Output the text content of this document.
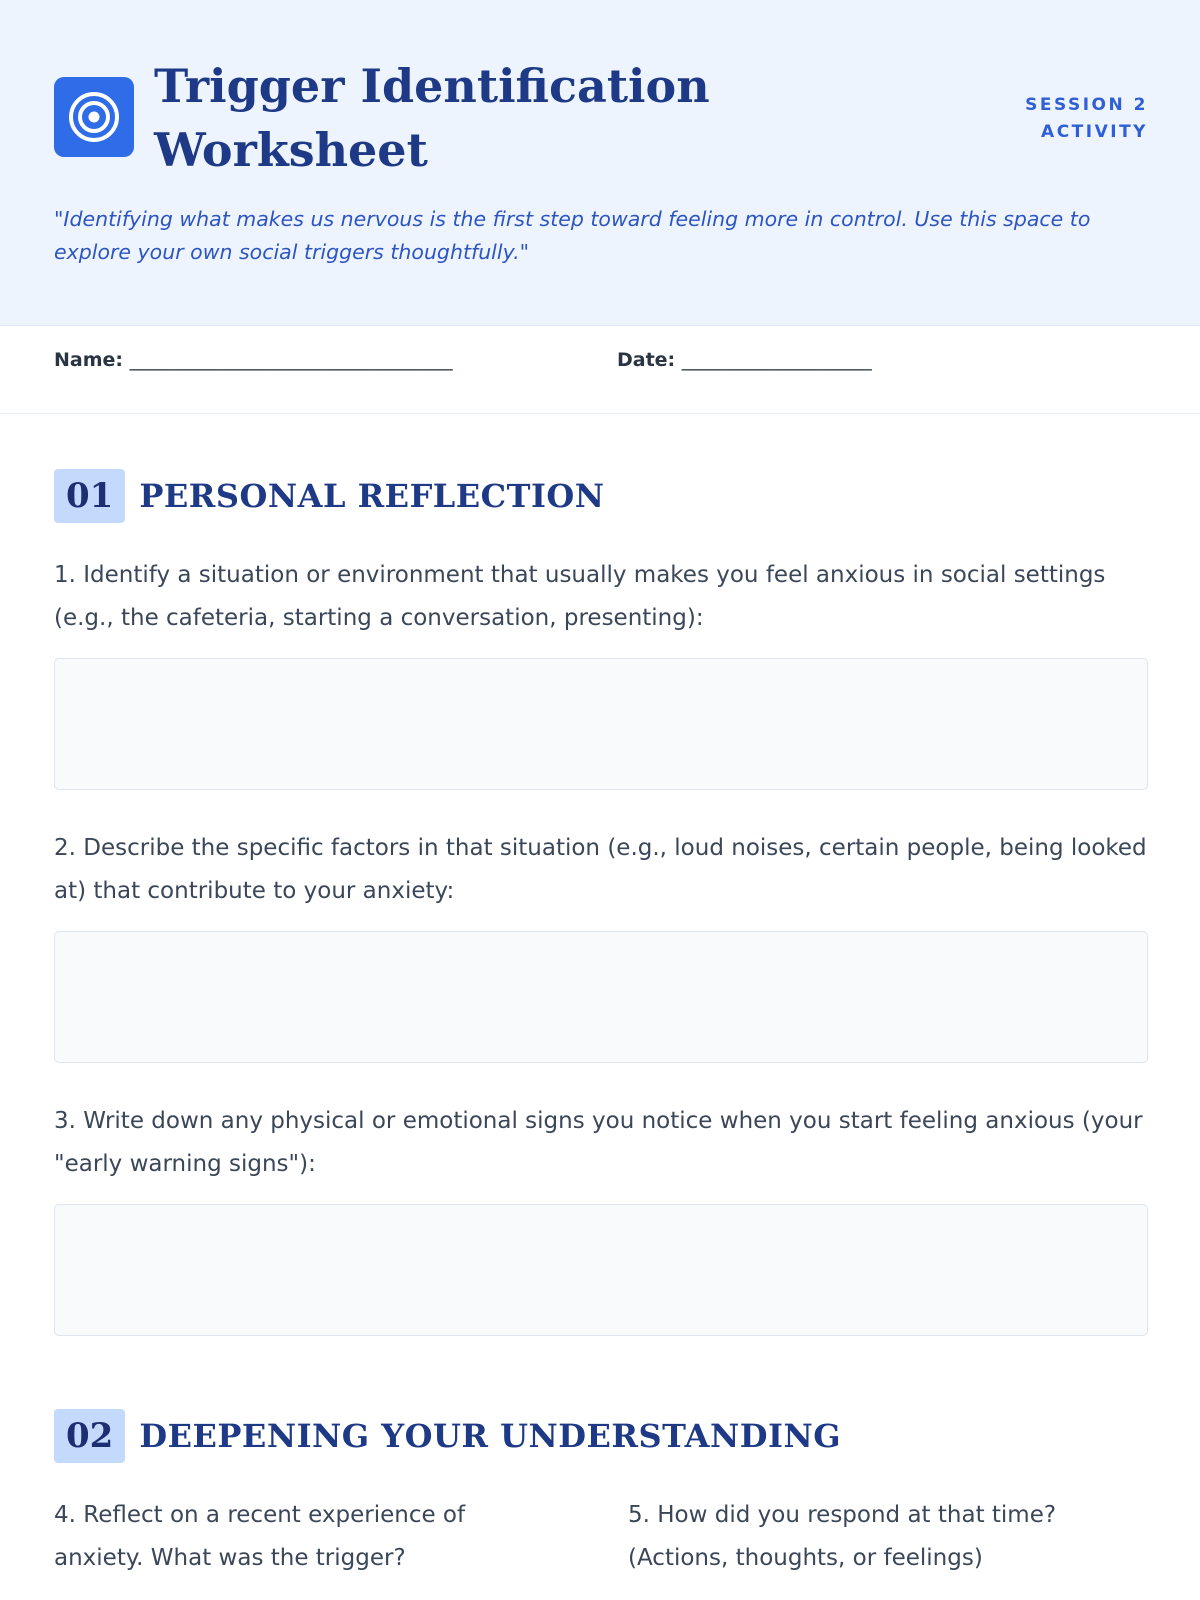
Trigger Identification Worksheet
SESSION 2 ACTIVITY

"Identifying what makes us nervous is the first step toward feeling more in control. Use this space to explore your own social triggers thoughtfully."

Name: __________________________________	Date: ____________________
01 PERSONAL REFLECTION

1. Identify a situation or environment that usually makes you feel anxious in social settings (e.g., the cafeteria, starting a conversation, presenting):

2. Describe the specific factors in that situation (e.g., loud noises, certain people, being looked at) that contribute to your anxiety:

3. Write down any physical or emotional signs you notice when you start feeling anxious (your "early warning signs"):

02 DEEPENING YOUR UNDERSTANDING

4. Reflect on a recent experience of anxiety. What was the trigger?

5. How did you respond at that time? (Actions, thoughts, or feelings)
